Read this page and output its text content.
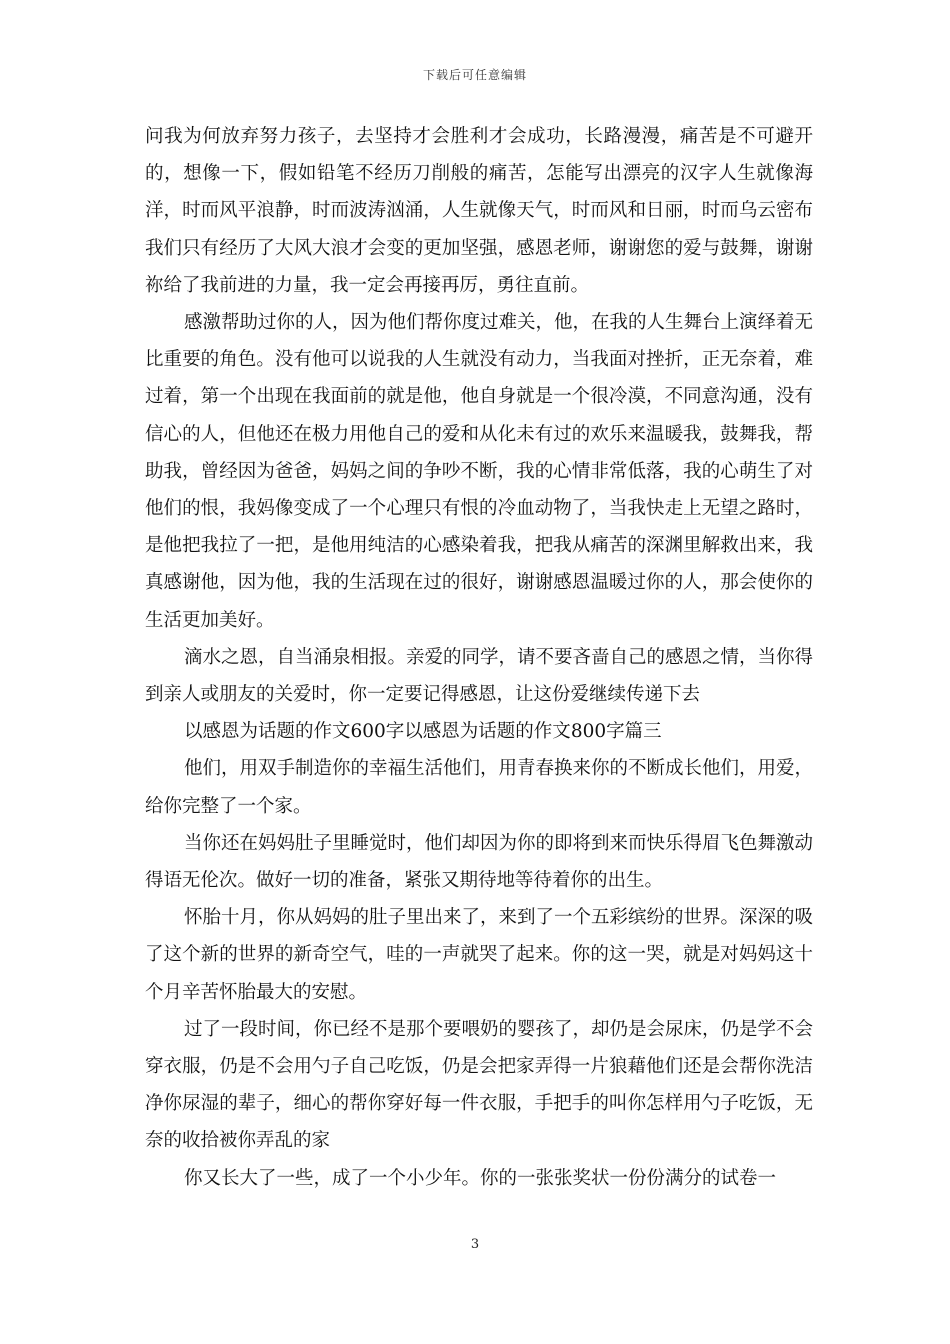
下载后可任意编辑

问我为何放弃努力孩子，去坚持才会胜利才会成功，长路漫漫，痛苦是不可避开的，想像一下，假如铅笔不经历刀削般的痛苦，怎能写出漂亮的汉字人生就像海洋，时而风平浪静，时而波涛汹涌，人生就像天气，时而风和日丽，时而乌云密布我们只有经历了大风大浪才会变的更加坚强，感恩老师，谢谢您的爱与鼓舞，谢谢祢给了我前进的力量，我一定会再接再厉，勇往直前。

感激帮助过你的人，因为他们帮你度过难关，他，在我的人生舞台上演绎着无比重要的角色。没有他可以说我的人生就没有动力，当我面对挫折，正无奈着，难过着，第一个出现在我面前的就是他，他自身就是一个很冷漠，不同意沟通，没有信心的人，但他还在极力用他自己的爱和从化未有过的欢乐来温暖我，鼓舞我，帮助我，曾经因为爸爸，妈妈之间的争吵不断，我的心情非常低落，我的心萌生了对他们的恨，我妈像变成了一个心理只有恨的冷血动物了，当我快走上无望之路时，是他把我拉了一把，是他用纯洁的心感染着我，把我从痛苦的深渊里解救出来，我真感谢他，因为他，我的生活现在过的很好，谢谢感恩温暖过你的人，那会使你的生活更加美好。

滴水之恩，自当涌泉相报。亲爱的同学，请不要吝啬自己的感恩之情，当你得到亲人或朋友的关爱时，你一定要记得感恩，让这份爱继续传递下去

以感恩为话题的作文600字以感恩为话题的作文800字篇三

他们，用双手制造你的幸福生活他们，用青春换来你的不断成长他们，用爱，给你完整了一个家。

当你还在妈妈肚子里睡觉时，他们却因为你的即将到来而快乐得眉飞色舞激动得语无伦次。做好一切的准备，紧张又期待地等待着你的出生。

怀胎十月，你从妈妈的肚子里出来了，来到了一个五彩缤纷的世界。深深的吸了这个新的世界的新奇空气，哇的一声就哭了起来。你的这一哭，就是对妈妈这十个月辛苦怀胎最大的安慰。

过了一段时间，你已经不是那个要喂奶的婴孩了，却仍是会尿床，仍是学不会穿衣服，仍是不会用勺子自己吃饭，仍是会把家弄得一片狼藉他们还是会帮你洗洁净你尿湿的辈子，细心的帮你穿好每一件衣服，手把手的叫你怎样用勺子吃饭，无奈的收拾被你弄乱的家

你又长大了一些，成了一个小少年。你的一张张奖状一份份满分的试卷一

3
